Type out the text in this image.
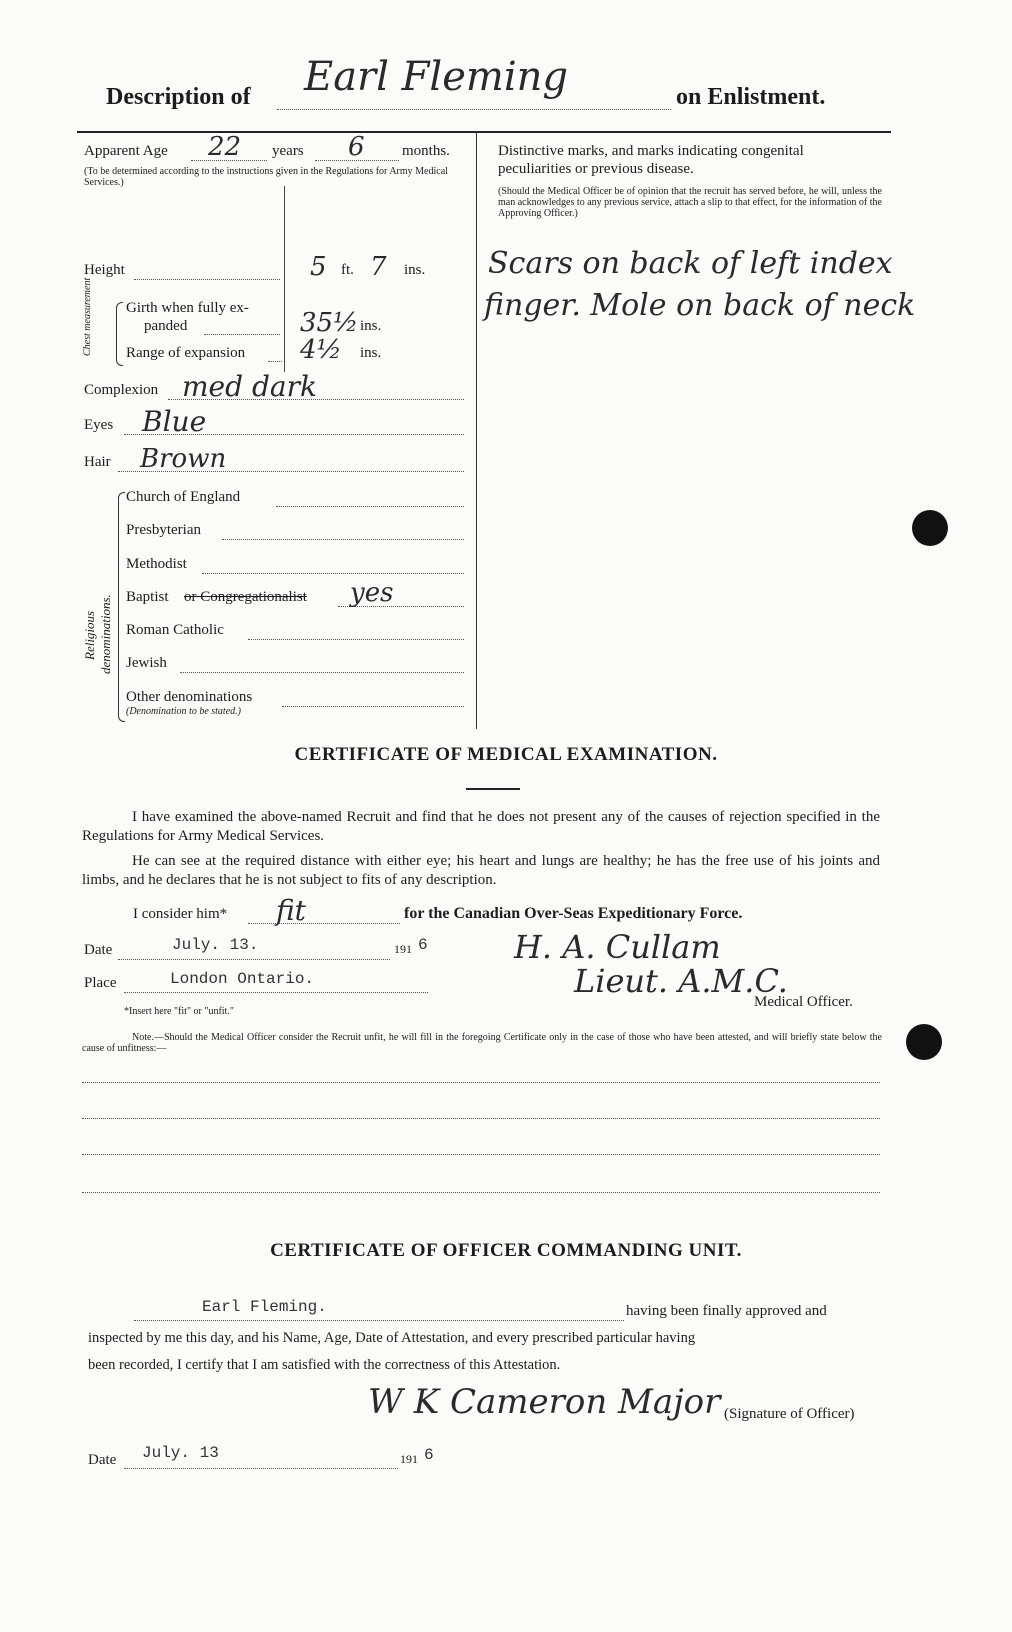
Description of Earl Fleming	on Enlistment.
Apparent Age 22 years 6 months.
(To be determined according to the instructions given in the Regulations for Army Medical Services.)
Height	5 ft. 7 ins.
Chest measurement Girth when fully ex-
panded	35½ ins.
Range of expansion 4½ ins.
Complexion med dark
Eyes Blue
Hair Brown
Religious denominations.
Church of England
Presbyterian
Methodist
Baptist or Congregationalist yes
Roman Catholic
Jewish
Other denominations
(Denomination to be stated.)
Distinctive marks, and marks indicating congenital
peculiarities or previous disease.
(Should the Medical Officer be of opinion that the recruit has served before, he will, unless the man acknowledges to any previous service, attach a slip to that effect, for the information of the Approving Officer.)
Scars on back of left index
finger. Mole on back of neck
CERTIFICATE OF MEDICAL EXAMINATION.
I have examined the above-named Recruit and find that he does not present any of the causes of rejection specified in the Regulations for Army Medical Services.
He can see at the required distance with either eye; his heart and lungs are healthy; he has the free use of his joints and limbs, and he declares that he is not subject to fits of any description.
I consider him* fit	for the Canadian Over-Seas Expeditionary Force.
Date	July. 13.	191 6	H. A. Cullam
Place	London Ontario.	Lieut. A.M.C.
Medical Officer.
*Insert here "fit" or "unfit."
Note.—Should the Medical Officer consider the Recruit unfit, he will fill in the foregoing Certificate only in the case of those who have been attested, and will briefly state below the cause of unfitness:—
CERTIFICATE OF OFFICER COMMANDING UNIT.
Earl Fleming.	having been finally approved and
inspected by me this day, and his Name, Age, Date of Attestation, and every prescribed particular having
been recorded, I certify that I am satisfied with the correctness of this Attestation.
W K Cameron Major (Signature of Officer)
Date July. 13	191 6
